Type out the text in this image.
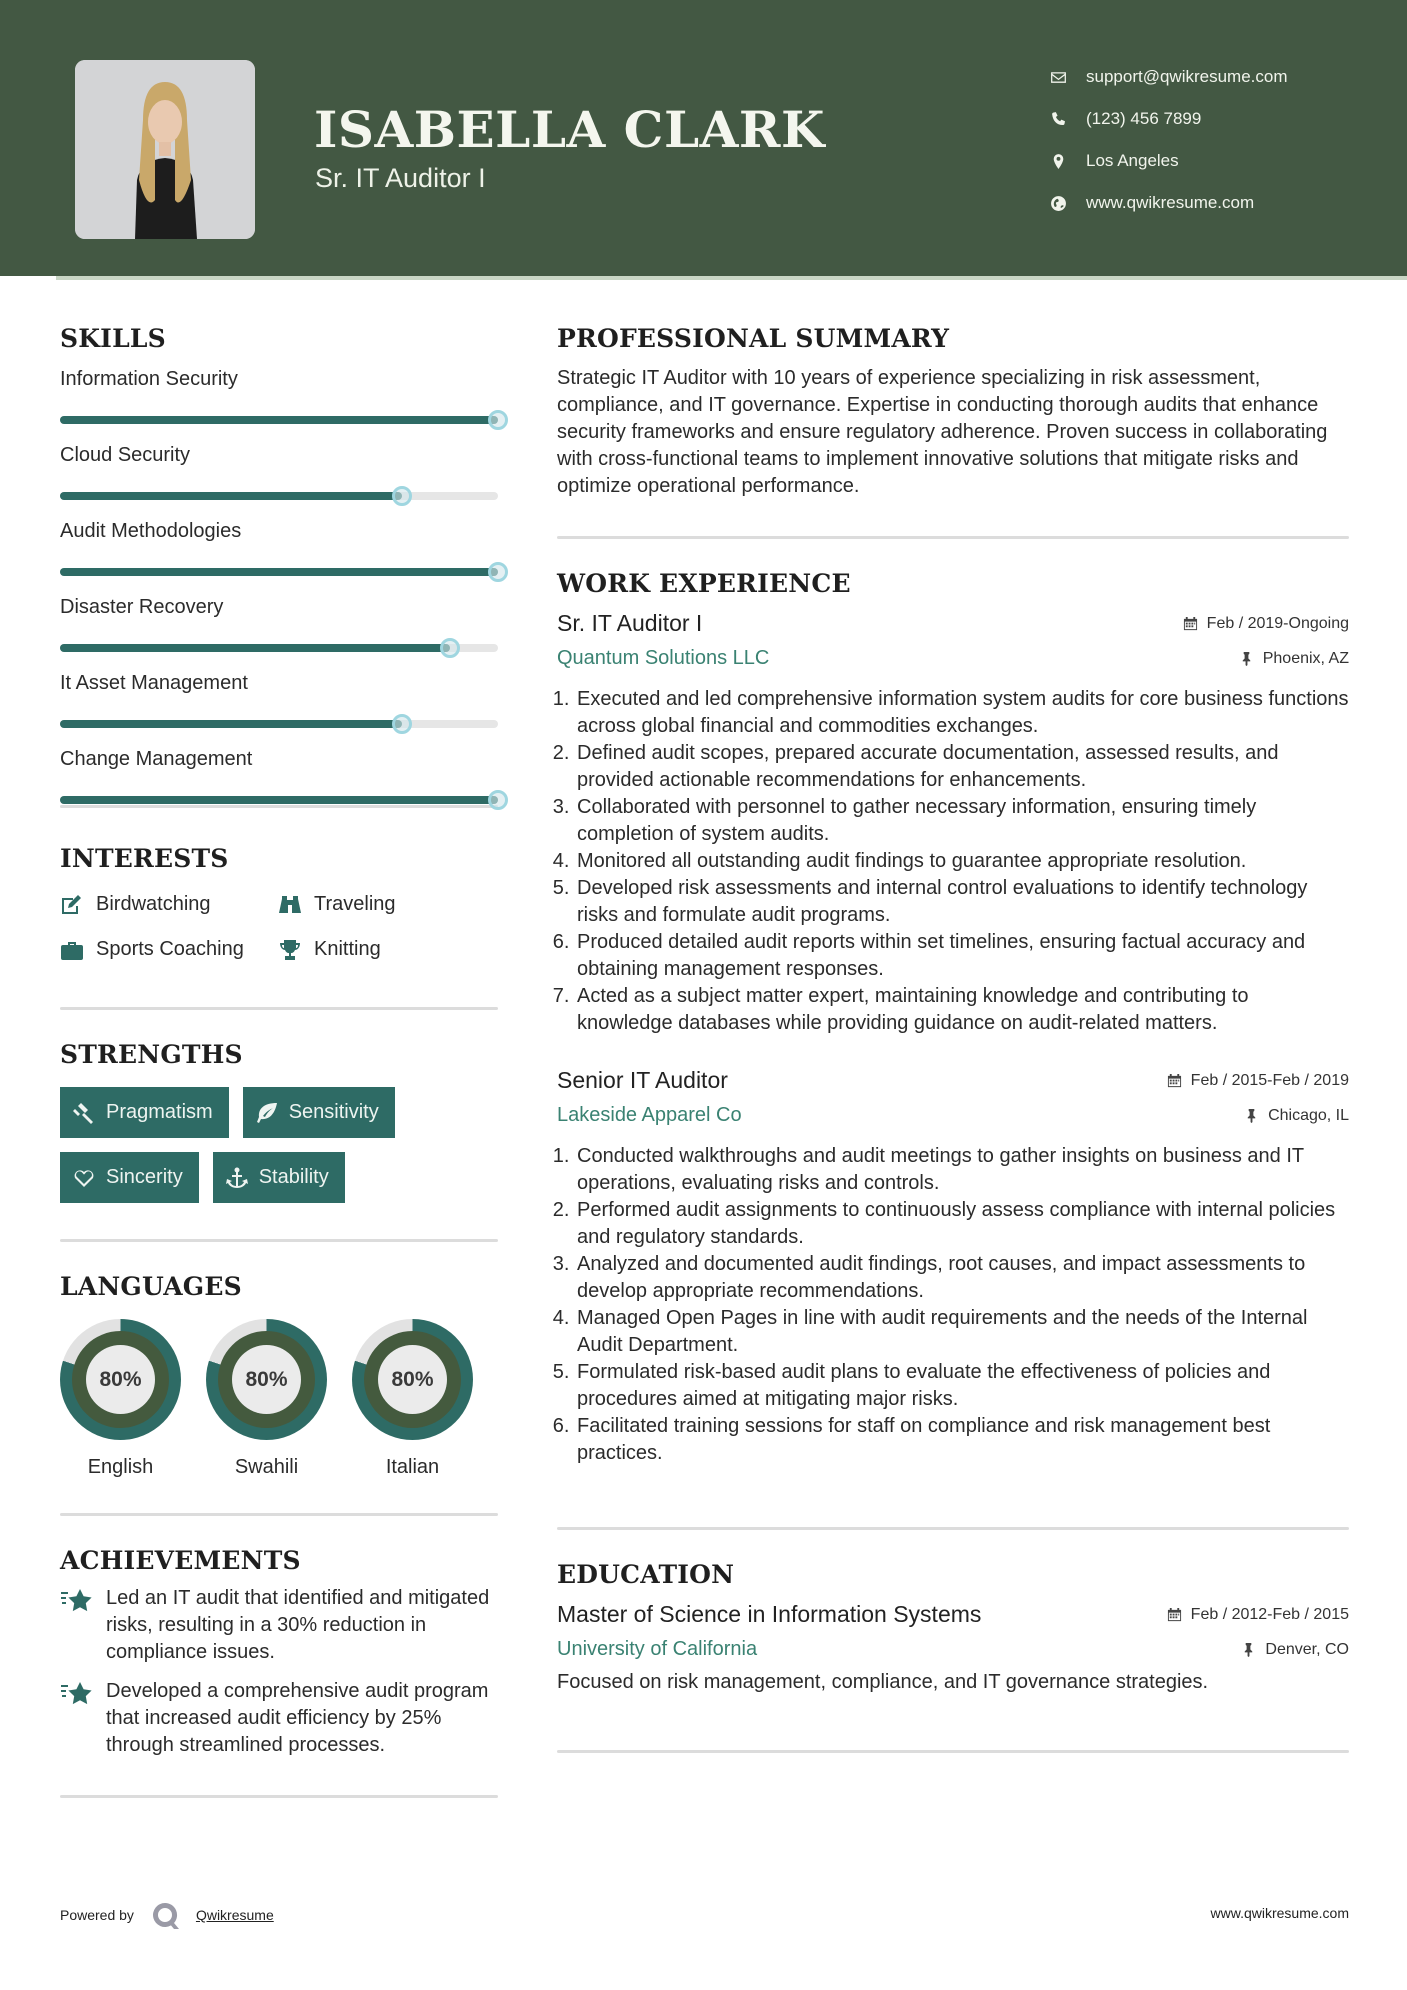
ISABELLA CLARK
Sr. IT Auditor I
support@qwikresume.com
(123) 456 7899
Los Angeles
www.qwikresume.com
SKILLS
Information Security
Cloud Security
Audit Methodologies
Disaster Recovery
It Asset Management
Change Management
INTERESTS
Birdwatching	Traveling
Sports Coaching	Knitting
STRENGTHS
Pragmatism	Sensitivity
Sincerity	Stability
LANGUAGES
80%
English
80%
Swahili
80%
Italian
ACHIEVEMENTS
Led an IT audit that identified and mitigated risks, resulting in a 30% reduction in compliance issues.
Developed a comprehensive audit program that increased audit efficiency by 25% through streamlined processes.
PROFESSIONAL SUMMARY
Strategic IT Auditor with 10 years of experience specializing in risk assessment, compliance, and IT governance. Expertise in conducting thorough audits that enhance security frameworks and ensure regulatory adherence. Proven success in collaborating with cross-functional teams to implement innovative solutions that mitigate risks and optimize operational performance.
WORK EXPERIENCE
Sr. IT Auditor I	Feb / 2019-Ongoing
Quantum Solutions LLC	Phoenix, AZ
1. Executed and led comprehensive information system audits for core business functions across global financial and commodities exchanges.
2. Defined audit scopes, prepared accurate documentation, assessed results, and provided actionable recommendations for enhancements.
3. Collaborated with personnel to gather necessary information, ensuring timely completion of system audits.
4. Monitored all outstanding audit findings to guarantee appropriate resolution.
5. Developed risk assessments and internal control evaluations to identify technology risks and formulate audit programs.
6. Produced detailed audit reports within set timelines, ensuring factual accuracy and obtaining management responses.
7. Acted as a subject matter expert, maintaining knowledge and contributing to knowledge databases while providing guidance on audit-related matters.
Senior IT Auditor	Feb / 2015-Feb / 2019
Lakeside Apparel Co	Chicago, IL
1. Conducted walkthroughs and audit meetings to gather insights on business and IT operations, evaluating risks and controls.
2. Performed audit assignments to continuously assess compliance with internal policies and regulatory standards.
3. Analyzed and documented audit findings, root causes, and impact assessments to develop appropriate recommendations.
4. Managed Open Pages in line with audit requirements and the needs of the Internal Audit Department.
5. Formulated risk-based audit plans to evaluate the effectiveness of policies and procedures aimed at mitigating major risks.
6. Facilitated training sessions for staff on compliance and risk management best practices.
EDUCATION
Master of Science in Information Systems	Feb / 2012-Feb / 2015
University of California	Denver, CO
Focused on risk management, compliance, and IT governance strategies.
Powered by	Qwikresume	www.qwikresume.com
